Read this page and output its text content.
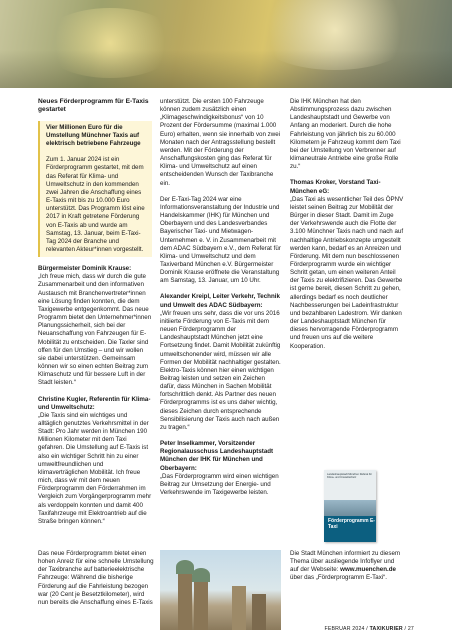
Neues Förderprogramm für E-Taxis gestartet

Vier Millionen Euro für die Umstellung Münchner Taxis auf elektrisch betriebene Fahrzeuge
Zum 1. Januar 2024 ist ein Förderprogramm gestartet, mit dem das Referat für Klima- und Umweltschutz in den kommenden zwei Jahren die Anschaffung eines E-Taxis mit bis zu 10.000 Euro unterstützt. Das Programm löst eine 2017 in Kraft getretene Förderung von E-Taxis ab und wurde am Samstag, 13. Januar, beim E-Taxi-Tag 2024 der Branche und relevanten Akteur*innen vorgestellt.

Bürgermeister Dominik Krause:
„Ich freue mich, dass wir durch die gute Zusammenarbeit und den informativen Austausch mit Branchenvertreter*innen eine Lösung finden konnten, die dem Taxigewerbe entgegenkommt. Das neue Programm bietet den Unternehmer*innen Planungssicherheit, sich bei der Neuanschaffung von Fahrzeugen für E-Mobilität zu entscheiden. Die Taxler sind offen für den Umstieg – und wir wollen sie dabei unterstützen. Gemeinsam können wir so einen echten Beitrag zum Klimaschutz und für bessere Luft in der Stadt leisten.“

Christine Kugler, Referentin für Klima- und Umweltschutz:
„Die Taxis sind ein wichtiges und alltäglich genutztes Verkehrsmittel in der Stadt: Pro Jahr werden in München 190 Millionen Kilometer mit dem Taxi gefahren. Die Umstellung auf E-Taxis ist also ein wichtiger Schritt hin zu einer umweltfreundlichen und klimaverträglichen Mobilität. Ich freue mich, dass wir mit dem neuen Förderprogramm den Förderrahmen im Vergleich zum Vorgängerprogramm mehr als verdoppeln konnten und damit 400 Taxifahrzeuge mit Elektroantrieb auf die Straße bringen können.“

unterstützt. Die ersten 100 Fahrzeuge können zudem zusätzlich einen „Klimageschwindigkeitsbonus“ von 10 Prozent der Fördersumme (maximal 1.000 Euro) erhalten, wenn sie innerhalb von zwei Monaten nach der Antragsstellung bestellt werden. Mit der Förderung der Anschaffungskosten ging das Referat für Klima- und Umweltschutz auf einen entscheidenden Wunsch der Taxibranche ein.

Der E-Taxi-Tag 2024 war eine Informationsveranstaltung der Industrie und Handelskammer (IHK) für München und Oberbayern und des Landesverbandes Bayerischer Taxi- und Mietwagen-Unternehmen e. V. in Zusammenarbeit mit dem ADAC Südbayern e.V., dem Referat für Klima- und Umweltschutz und dem Taxiverband München e.V. Bürgermeister Dominik Krause eröffnete die Veranstaltung am Samstag, 13. Januar, um 10 Uhr.

Alexander Kreipl, Leiter Verkehr, Technik und Umwelt des ADAC Südbayern:
„Wir freuen uns sehr, dass die vor uns 2016 initiierte Förderung von E-Taxis mit dem neuen Förderprogramm der Landeshauptstadt München jetzt eine Fortsetzung findet. Damit Mobilität zukünftig umweltschonender wird, müssen wir alle Formen der Mobilität nachhaltiger gestalten. Elektro-Taxis können hier einen wichtigen Beitrag leisten und setzen ein Zeichen dafür, dass München in Sachen Mobilität fortschrittlich denkt. Als Partner des neuen Förderprogramms ist es uns daher wichtig, dieses Zeichen durch entsprechende Sensibilisierung der Taxis auch nach außen zu tragen.“

Peter Inselkammer, Vorsitzender Regionalausschuss Landeshauptstadt München der IHK für München und Oberbayern:
„Das Förderprogramm wird einen wichtigen Beitrag zur Umsetzung der Energie- und Verkehrswende im Taxigewerbe leisten.

Die IHK München hat den Abstimmungsprozess dazu zwischen Landeshauptstadt und Gewerbe von Anfang an moderiert. Durch die hohe Fahrleistung von jährlich bis zu 60.000 Kilometern je Fahrzeug kommt dem Taxi bei der Umstellung von Verbrenner auf klimaneutrale Antriebe eine große Rolle zu.“

Thomas Kroker, Vorstand Taxi-München eG:
„Das Taxi als wesentlicher Teil des ÖPNV leistet seinen Beitrag zur Mobilität der Bürger in dieser Stadt. Damit im Zuge der Verkehrswende auch die Flotte der 3.100 Münchner Taxis nach und nach auf nachhaltige Antriebskonzepte umgestellt werden kann, bedarf es an Anreizen und Förderung. Mit dem nun beschlossenen Förderprogramm wurde ein wichtiger Schritt getan, um einen weiteren Anteil der Taxis zu elektrifizieren. Das Gewerbe ist gerne bereit, diesen Schritt zu gehen, allerdings bedarf es noch deutlicher Nachbesserungen bei Ladeinfrastruktur und bezahlbaren Ladestrom. Wir danken der Landeshauptstadt München für dieses hervorragende Förderprogramm und freuen uns auf die weitere Kooperation.

Landeshauptstadt München Referat für Klima- und Umweltschutz
Förderprogramm E-Taxi
Das neue Förderprogramm bietet einen hohen Anreiz für eine schnelle Umstellung der Taxibranche auf batterieelektrische Fahrzeuge: Während die bisherige Förderung auf die Fahrleistung bezogen war (20 Cent je Besetztkilometer), wird nun bereits die Anschaffung eines E-Taxis
Die Stadt München informiert zu diesem Thema über ausliegende Infoflyer und auf der Webseite: www.muenchen.de über das „Förderprogramm E-Taxi“.
FEBRUAR 2024 / TAXIKURIER / 27
